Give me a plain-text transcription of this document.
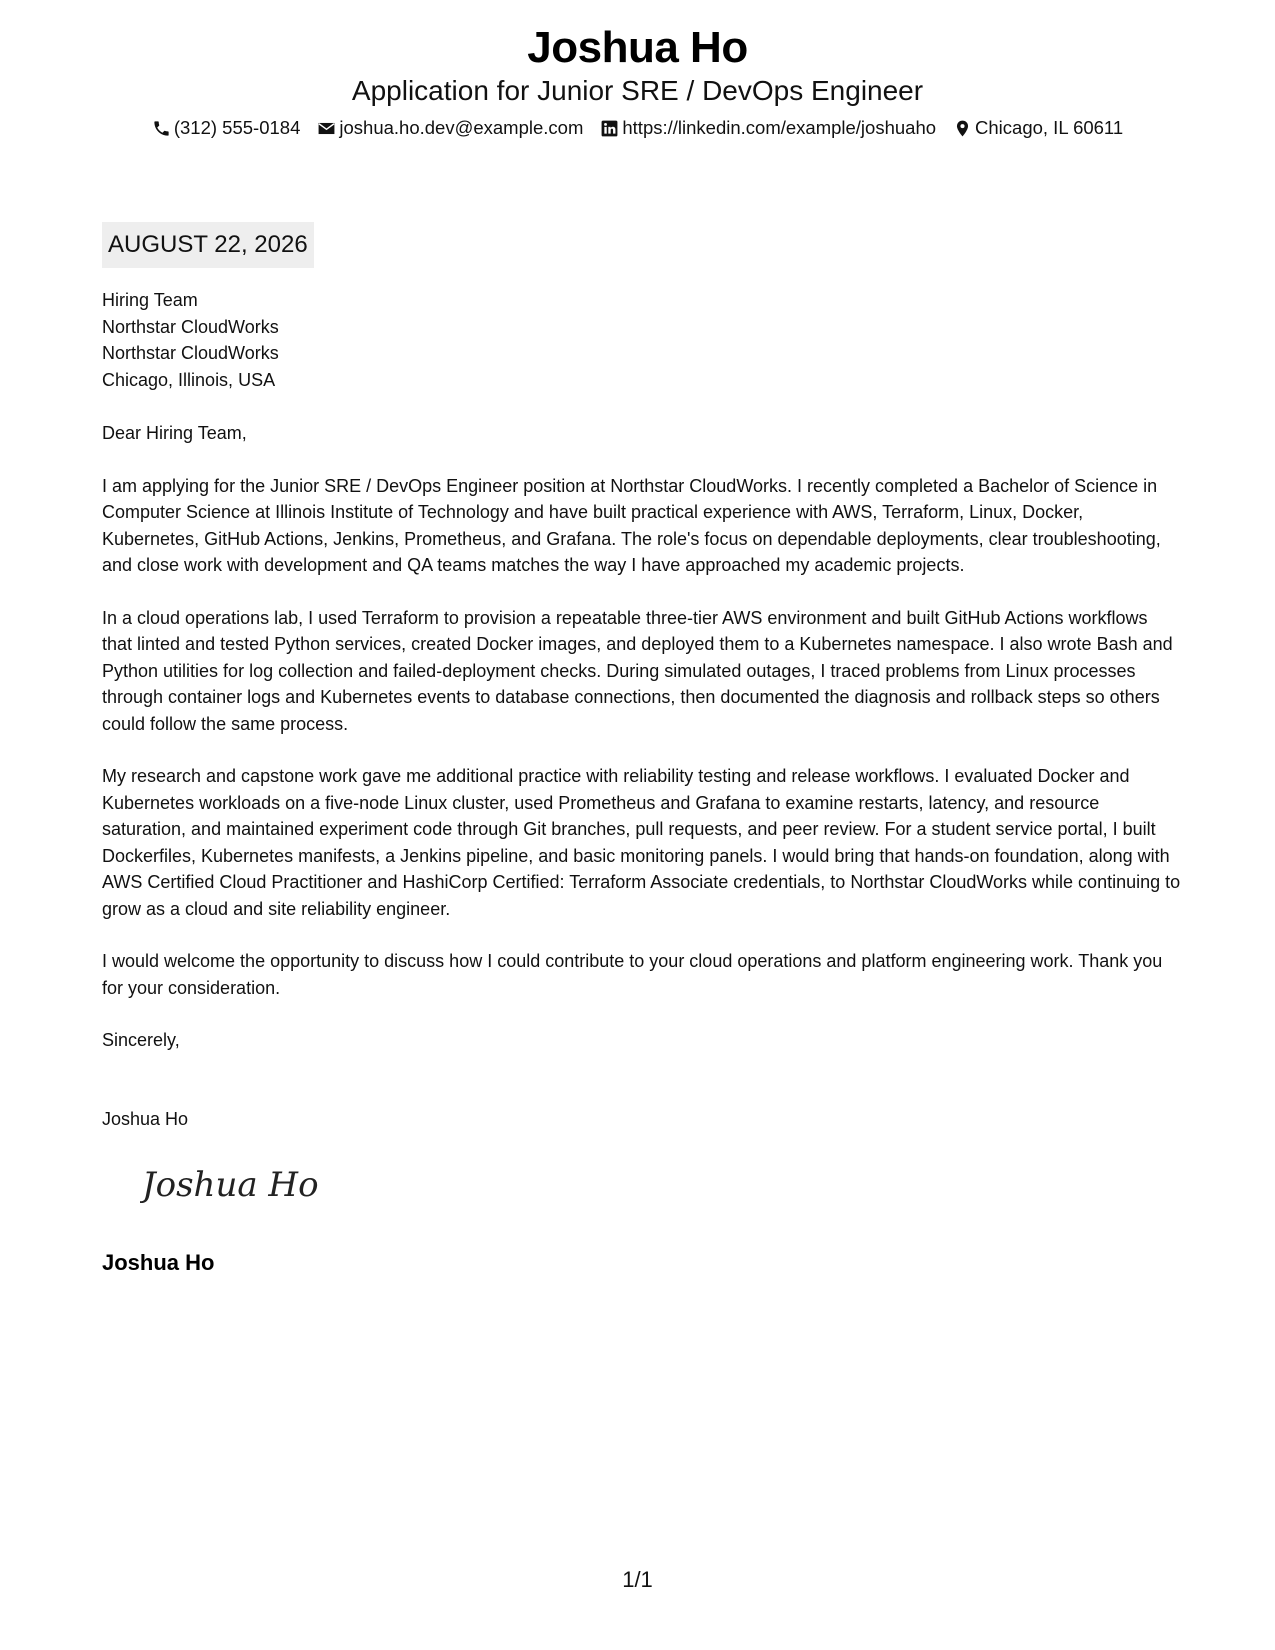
Joshua Ho
Application for Junior SRE / DevOps Engineer
(312) 555-0184 joshua.ho.dev@example.com https://linkedin.com/example/joshuaho Chicago, IL 60611
AUGUST 22, 2026

Hiring Team

Northstar CloudWorks

Northstar CloudWorks

Chicago, Illinois, USA

Dear Hiring Team,

I am applying for the Junior SRE / DevOps Engineer position at Northstar CloudWorks. I recently completed a Bachelor of Science in Computer Science at Illinois Institute of Technology and have built practical experience with AWS, Terraform, Linux, Docker, Kubernetes, GitHub Actions, Jenkins, Prometheus, and Grafana. The role's focus on dependable deployments, clear troubleshooting, and close work with development and QA teams matches the way I have approached my academic projects.

In a cloud operations lab, I used Terraform to provision a repeatable three-tier AWS environment and built GitHub Actions workflows that linted and tested Python services, created Docker images, and deployed them to a Kubernetes namespace. I also wrote Bash and Python utilities for log collection and failed-deployment checks. During simulated outages, I traced problems from Linux processes through container logs and Kubernetes events to database connections, then documented the diagnosis and rollback steps so others could follow the same process.

My research and capstone work gave me additional practice with reliability testing and release workflows. I evaluated Docker and Kubernetes workloads on a five-node Linux cluster, used Prometheus and Grafana to examine restarts, latency, and resource saturation, and maintained experiment code through Git branches, pull requests, and peer review. For a student service portal, I built Dockerfiles, Kubernetes manifests, a Jenkins pipeline, and basic monitoring panels. I would bring that hands-on foundation, along with AWS Certified Cloud Practitioner and HashiCorp Certified: Terraform Associate credentials, to Northstar CloudWorks while continuing to grow as a cloud and site reliability engineer.

I would welcome the opportunity to discuss how I could contribute to your cloud operations and platform engineering work. Thank you for your consideration.

Sincerely,

Joshua Ho

Joshua Ho
Joshua Ho
1/1
